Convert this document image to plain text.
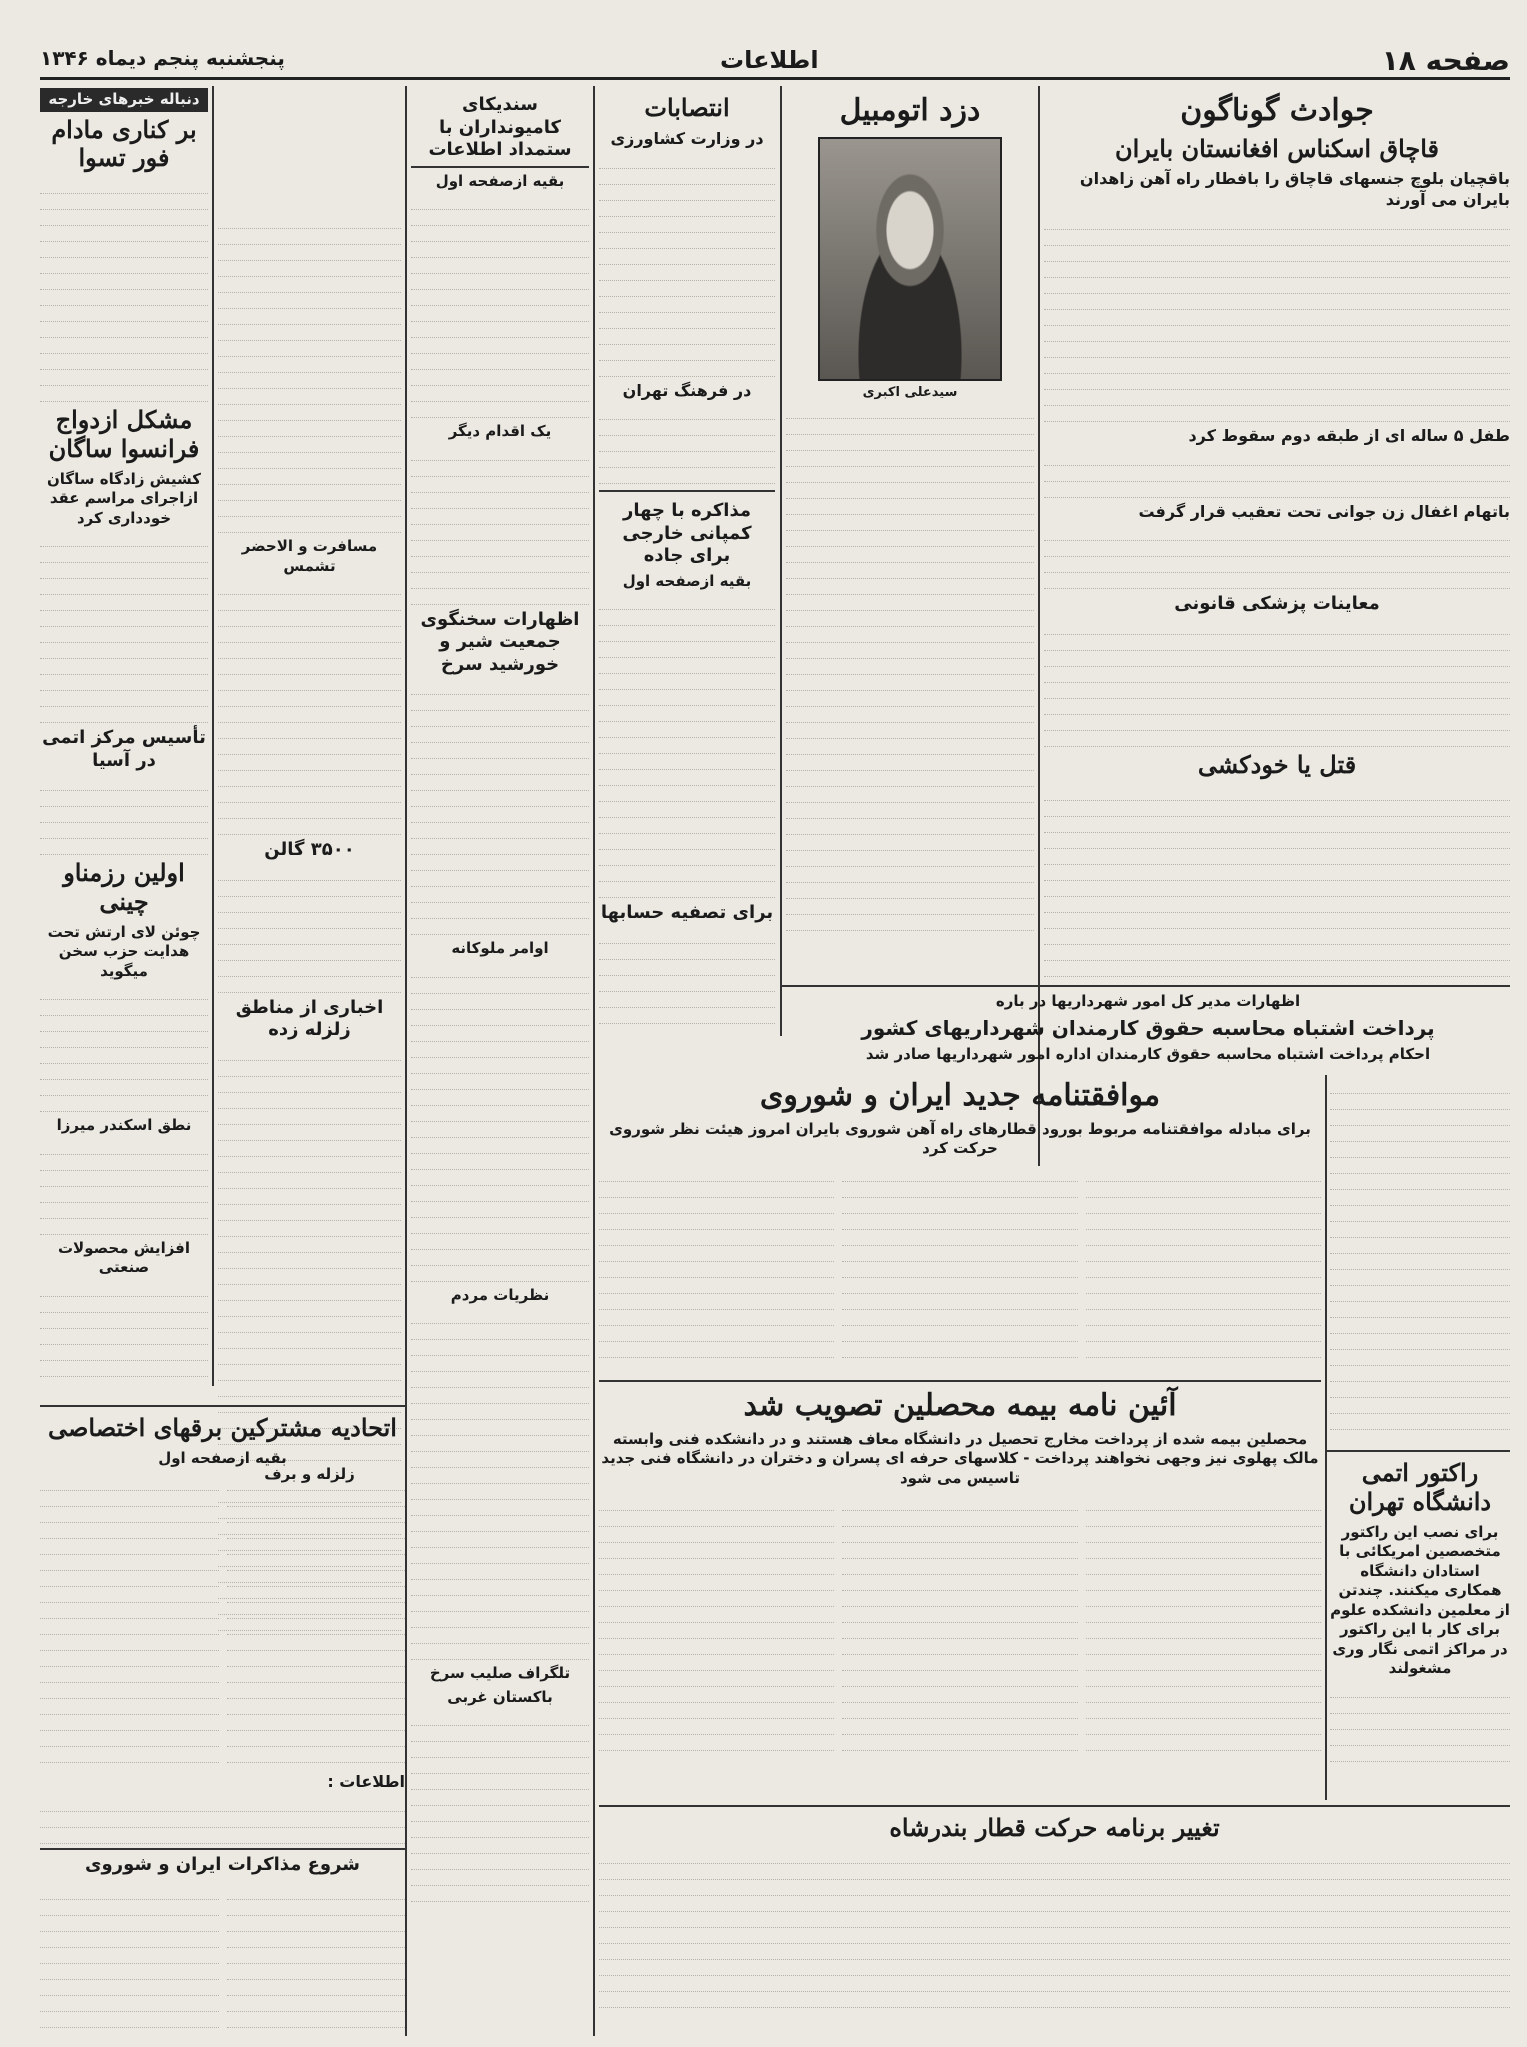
صفحه ۱۸
اطلاعات
پنجشنبه پنجم دیماه ۱۳۴۶
جوادث گوناگون
قاچاق اسکناس افغانستان بایران
باقچیان بلوچ جنسهای قاچاق را بافطار راه آهن زاهدان بایران می آورند
طفل ۵ ساله ای از طبقه دوم سقوط کرد
باتهام اغفال زن جوانی تحت تعقیب قرار گرفت
معاینات پزشکی قانونی
قتل یا خودکشی
دزد اتومبیل
سیدعلی اکبری
انتصابات
در وزارت کشاورزی
در فرهنگ تهران
مذاکره با چهار کمپانی خارجی برای جاده
بقیه ازصفحه اول
برای تصفیه حسابها
سندیکای کامیونداران با ستمداد اطلاعات
بقیه ازصفحه اول
یک اقدام دیگر
اظهارات سخنگوی جمعیت شیر و خورشید سرخ
اوامر ملوکانه
نظریات مردم
تلگراف صلیب سرخ
باکستان غربی
مسافرت و الاحضر تشمس
۳۵۰۰ گالن
اخباری از مناطق زلزله زده
زلزله و برف
دنباله خبرهای خارجه
بر کناری مادام فور تسوا
مشکل ازدواج فرانسوا ساگان
کشیش زادگاه ساگان ازاجرای مراسم عقد خودداری کرد
تأسیس مرکز اتمی در آسیا
اولین رزمناو چینی
چوئن لای ارتش تحت هدایت حزب سخن میگوید
نطق اسکندر میرزا
افزایش محصولات صنعتی
اظهارات مدیر کل امور شهرداریها در باره
پرداخت اشتباه محاسبه حقوق کارمندان شهرداریهای کشور
احکام پرداخت اشتباه محاسبه حقوق کارمندان اداره امور شهرداریها صادر شد
موافقتنامه جدید ایران و شوروی
برای مبادله موافقتنامه مربوط بورود قطارهای راه آهن شوروی بایران امروز هیئت نظر شوروی حرکت کرد
آئین نامه بیمه محصلین تصویب شد
محصلین بیمه شده از پرداخت مخارج تحصیل در دانشگاه معاف هستند و در دانشکده فنی وابسته مالک پهلوی نیز وجهی نخواهند پرداخت - کلاسهای حرفه ای پسران و دختران در دانشگاه فنی جدید تاسیس می شود	راکتور اتمی دانشگاه تهران
برای نصب این راکتور متخصصین امریکائی با استادان دانشگاه همکاری میکنند. چندتن از معلمین دانشکده علوم برای کار با این راکتور در مراکز اتمی نگار وری مشغولند
تغییر برنامه حرکت قطار بندرشاه
اتحادیه مشترکین برقهای اختصاصی
بقیه ازصفحه اول
اطلاعات :
شروع مذاکرات ایران و شوروی
